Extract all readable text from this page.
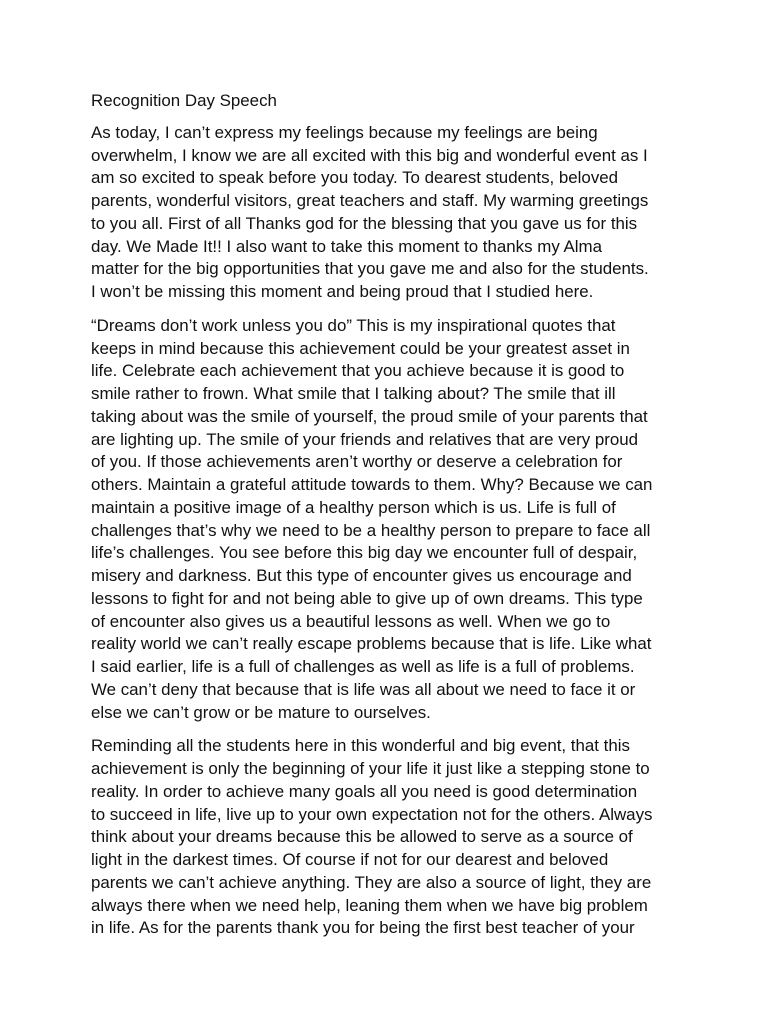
Recognition Day Speech
As today, I can’t express my feelings because my feelings are being
overwhelm, I know we are all excited with this big and wonderful event as I
am so excited to speak before you today. To dearest students, beloved
parents, wonderful visitors, great teachers and staff. My warming greetings
to you all. First of all Thanks god for the blessing that you gave us for this
day. We Made It!! I also want to take this moment to thanks my Alma
matter for the big opportunities that you gave me and also for the students.
I won’t be missing this moment and being proud that I studied here.
“Dreams don’t work unless you do” This is my inspirational quotes that
keeps in mind because this achievement could be your greatest asset in
life. Celebrate each achievement that you achieve because it is good to
smile rather to frown. What smile that I talking about? The smile that ill
taking about was the smile of yourself, the proud smile of your parents that
are lighting up. The smile of your friends and relatives that are very proud
of you. If those achievements aren’t worthy or deserve a celebration for
others. Maintain a grateful attitude towards to them. Why? Because we can
maintain a positive image of a healthy person which is us. Life is full of
challenges that’s why we need to be a healthy person to prepare to face all
life’s challenges. You see before this big day we encounter full of despair,
misery and darkness. But this type of encounter gives us encourage and
lessons to fight for and not being able to give up of own dreams. This type
of encounter also gives us a beautiful lessons as well. When we go to
reality world we can’t really escape problems because that is life. Like what
I said earlier, life is a full of challenges as well as life is a full of problems.
We can’t deny that because that is life was all about we need to face it or
else we can’t grow or be mature to ourselves.
Reminding all the students here in this wonderful and big event, that this
achievement is only the beginning of your life it just like a stepping stone to
reality. In order to achieve many goals all you need is good determination
to succeed in life, live up to your own expectation not for the others. Always
think about your dreams because this be allowed to serve as a source of
light in the darkest times. Of course if not for our dearest and beloved
parents we can’t achieve anything. They are also a source of light, they are
always there when we need help, leaning them when we have big problem
in life. As for the parents thank you for being the first best teacher of your
